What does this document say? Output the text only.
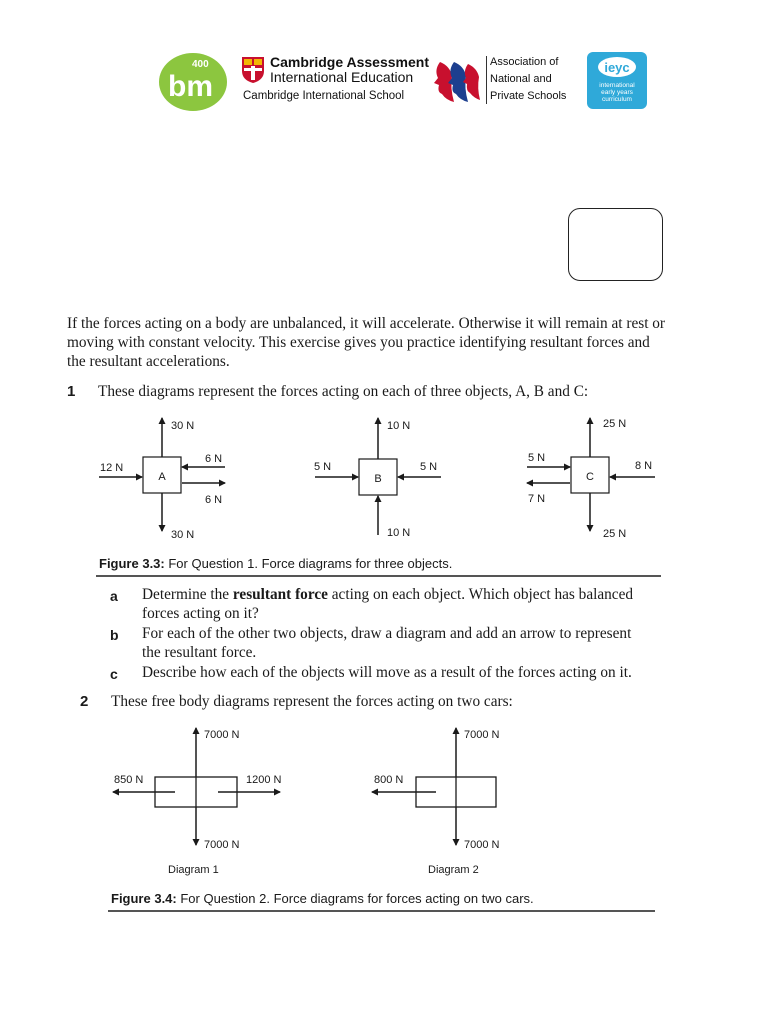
400
bm
Cambridge Assessment
International Education
Cambridge International School
Association of
National and
Private Schools
ieyc
international
early years
curriculum
If the forces acting on a body are unbalanced, it will accelerate. Otherwise it will remain at rest or moving with constant velocity. This exercise gives you practice identifying resultant forces and the resultant accelerations.
1 These diagrams represent the forces acting on each of three objects, A, B and C:
A
30 N
30 N
12 N
6 N
6 N
B
10 N
10 N
5 N	5 N
C
25 N
25 N
5 N
7 N
8 N
Figure 3.3: For Question 1. Force diagrams for three objects.
a Determine the resultant force acting on each object. Which object has balanced forces acting on it?
b For each of the other two objects, draw a diagram and add an arrow to represent the resultant force.
c Describe how each of the objects will move as a result of the forces acting on it.
2 These free body diagrams represent the forces acting on two cars:
7000 N
7000 N
850 N	1200 N
Diagram 1
7000 N
7000 N
800 N
Diagram 2
Figure 3.4: For Question 2. Force diagrams for forces acting on two cars.
